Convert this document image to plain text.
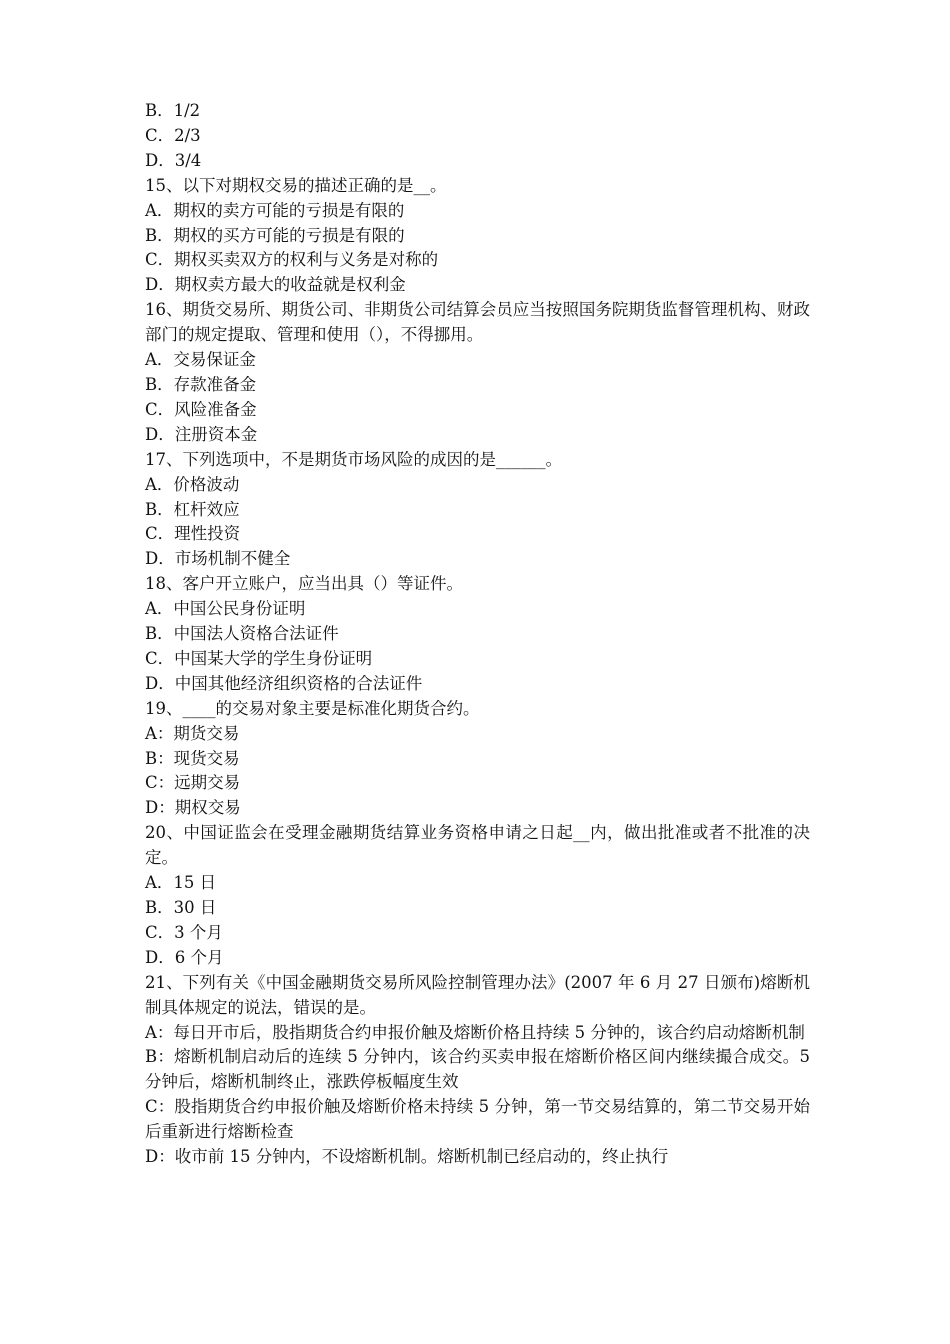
B．1/2
C．2/3
D．3/4
15、以下对期权交易的描述正确的是__。
A．期权的卖方可能的亏损是有限的
B．期权的买方可能的亏损是有限的
C．期权买卖双方的权利与义务是对称的
D．期权卖方最大的收益就是权利金
16、期货交易所、期货公司、非期货公司结算会员应当按照国务院期货监督管理机构、财政部门的规定提取、管理和使用（），不得挪用。
A．交易保证金
B．存款准备金
C．风险准备金
D．注册资本金
17、下列选项中，不是期货市场风险的成因的是______。
A．价格波动
B．杠杆效应
C．理性投资
D．市场机制不健全
18、客户开立账户，应当出具（）等证件。
A．中国公民身份证明
B．中国法人资格合法证件
C．中国某大学的学生身份证明
D．中国其他经济组织资格的合法证件
19、____的交易对象主要是标准化期货合约。
A：期货交易
B：现货交易
C：远期交易
D：期权交易
20、中国证监会在受理金融期货结算业务资格申请之日起__内，做出批准或者不批准的决定。
A．15 日
B．30 日
C．3 个月
D．6 个月
21、下列有关《中国金融期货交易所风险控制管理办法》(2007 年 6 月 27 日颁布)熔断机制具体规定的说法，错误的是。
A：每日开市后，股指期货合约申报价触及熔断价格且持续 5 分钟的，该合约启动熔断机制
B：熔断机制启动后的连续 5 分钟内，该合约买卖申报在熔断价格区间内继续撮合成交。5 分钟后，熔断机制终止，涨跌停板幅度生效
C：股指期货合约申报价触及熔断价格未持续 5 分钟，第一节交易结算的，第二节交易开始后重新进行熔断检查
D：收市前 15 分钟内，不设熔断机制。熔断机制已经启动的，终止执行
